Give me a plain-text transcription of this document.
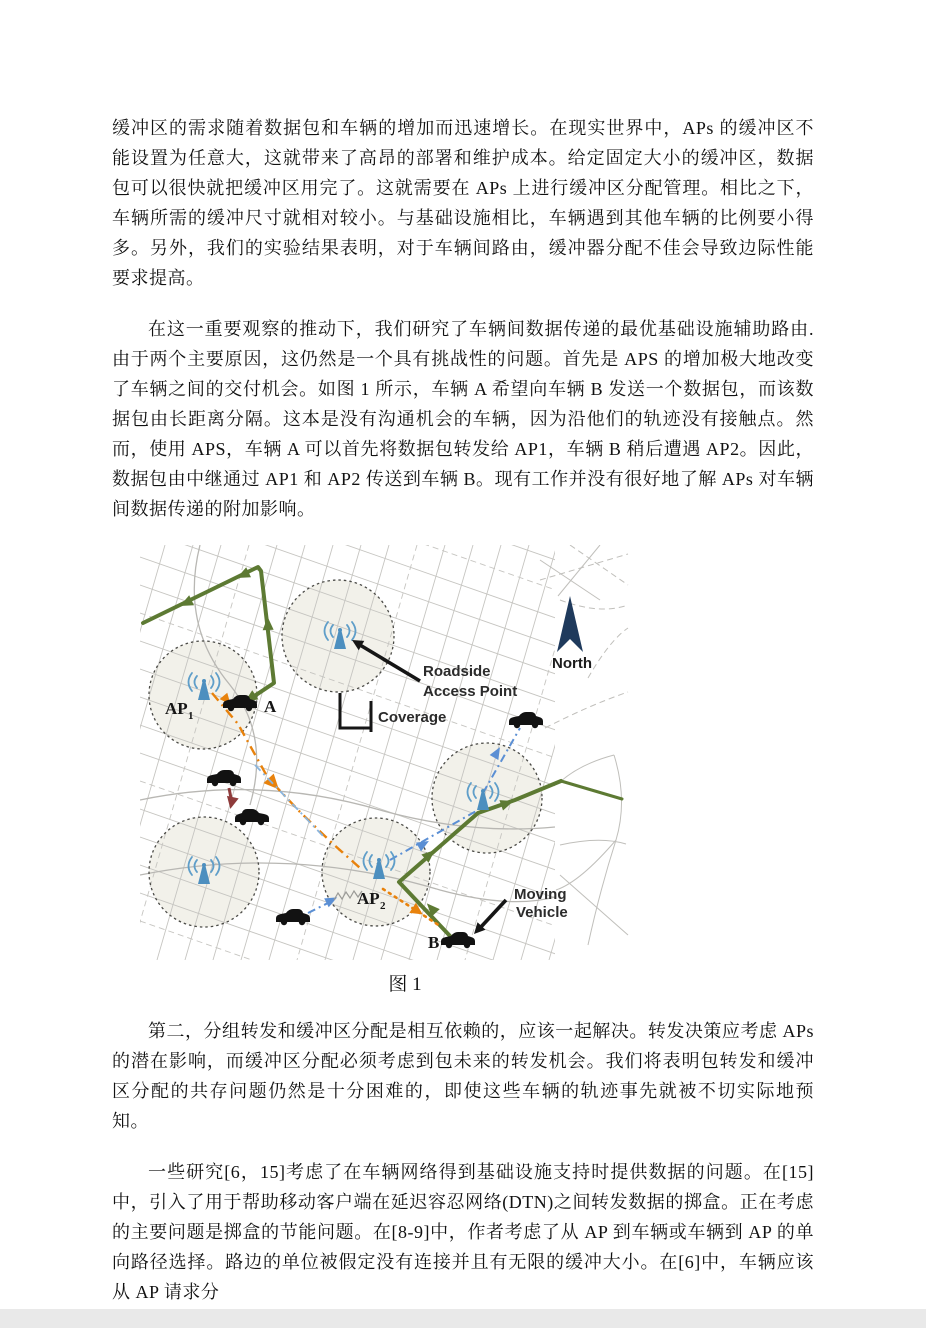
缓冲区的需求随着数据包和车辆的增加而迅速增长。在现实世界中，APs 的缓冲区不能设置为任意大，这就带来了高昂的部署和维护成本。给定固定大小的缓冲区，数据包可以很快就把缓冲区用完了。这就需要在 APs 上进行缓冲区分配管理。相比之下，车辆所需的缓冲尺寸就相对较小。与基础设施相比，车辆遇到其他车辆的比例要小得多。另外，我们的实验结果表明，对于车辆间路由，缓冲器分配不佳会导致边际性能要求提高。

在这一重要观察的推动下，我们研究了车辆间数据传递的最优基础设施辅助路由.由于两个主要原因，这仍然是一个具有挑战性的问题。首先是 APS 的增加极大地改变了车辆之间的交付机会。如图 1 所示，车辆 A 希望向车辆 B 发送一个数据包，而该数据包由长距离分隔。这本是没有沟通机会的车辆，因为沿他们的轨迹没有接触点。然而，使用 APS，车辆 A 可以首先将数据包转发给 AP1，车辆 B 稍后遭遇 AP2。因此，数据包由中继通过 AP1 和 AP2 传送到车辆 B。现有工作并没有很好地了解 APs 对车辆间数据传递的附加影响。

Roadside
Access Point
Coverage
Moving
Vehicle
North
AP 1
AP 2
A
B
图 1

第二，分组转发和缓冲区分配是相互依赖的，应该一起解决。转发决策应考虑 APs 的潜在影响，而缓冲区分配必须考虑到包未来的转发机会。我们将表明包转发和缓冲区分配的共存问题仍然是十分困难的，即使这些车辆的轨迹事先就被不切实际地预知。

一些研究[6，15]考虑了在车辆网络得到基础设施支持时提供数据的问题。在[15]中，引入了用于帮助移动客户端在延迟容忍网络(DTN)之间转发数据的掷盒。正在考虑的主要问题是掷盒的节能问题。在[8-9]中，作者考虑了从 AP 到车辆或车辆到 AP 的单向路径选择。路边的单位被假定没有连接并且有无限的缓冲大小。在[6]中，车辆应该从 AP 请求分
